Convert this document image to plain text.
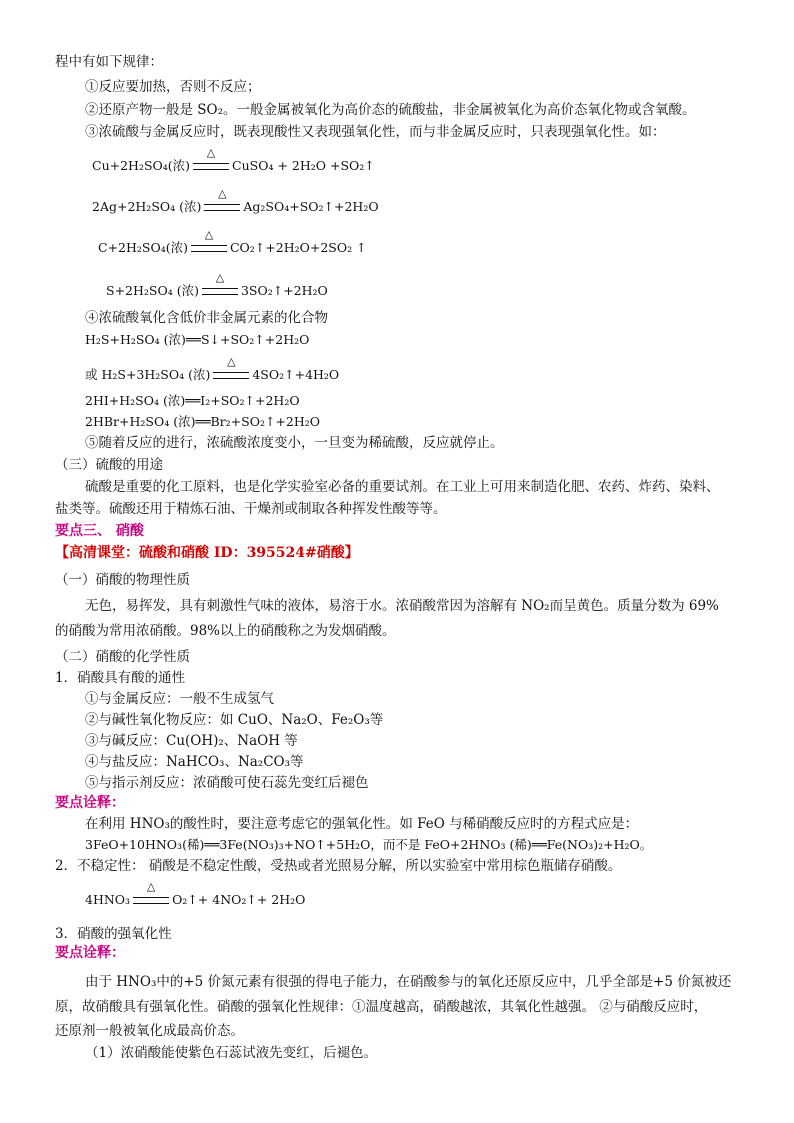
程中有如下规律：
①反应要加热，否则不反应；
②还原产物一般是 SO₂。一般金属被氧化为高价态的硫酸盐，非金属被氧化为高价态氧化物或含氧酸。
③浓硫酸与金属反应时，既表现酸性又表现强氧化性，而与非金属反应时，只表现强氧化性。如：
Cu+2H₂SO₄(浓)
△
CuSO₄ + 2H₂O +SO₂↑
2Ag+2H₂SO₄ (浓)
△
Ag₂SO₄+SO₂↑+2H₂O
C+2H₂SO₄(浓)
△
CO₂↑+2H₂O+2SO₂ ↑
S+2H₂SO₄ (浓)
△
3SO₂↑+2H₂O
④浓硫酸氧化含低价非金属元素的化合物
H₂S+H₂SO₄ (浓)══S↓+SO₂↑+2H₂O
或 H₂S+3H₂SO₄ (浓)
△
4SO₂↑+4H₂O
2HI+H₂SO₄ (浓)══I₂+SO₂↑+2H₂O
2HBr+H₂SO₄ (浓)══Br₂+SO₂↑+2H₂O
⑤随着反应的进行，浓硫酸浓度变小，一旦变为稀硫酸，反应就停止。
（三）硫酸的用途
硫酸是重要的化工原料，也是化学实验室必备的重要试剂。在工业上可用来制造化肥、农药、炸药、染料、
盐类等。硫酸还用于精炼石油、干燥剂或制取各种挥发性酸等等。
要点三、 硝酸
【高清课堂：硫酸和硝酸 ID：395524#硝酸】
（一）硝酸的物理性质
无色，易挥发，具有刺激性气味的液体，易溶于水。浓硝酸常因为溶解有 NO₂而呈黄色。质量分数为 69%
的硝酸为常用浓硝酸。98%以上的硝酸称之为发烟硝酸。
（二）硝酸的化学性质
1．硝酸具有酸的通性
①与金属反应：一般不生成氢气
②与碱性氧化物反应：如 CuO、Na₂O、Fe₂O₃等
③与碱反应：Cu(OH)₂、NaOH 等
④与盐反应：NaHCO₃、Na₂CO₃等
⑤与指示剂反应：浓硝酸可使石蕊先变红后褪色
要点诠释：
在利用 HNO₃的酸性时，要注意考虑它的强氧化性。如 FeO 与稀硝酸反应时的方程式应是：
3FeO+10HNO₃(稀)══3Fe(NO₃)₃+NO↑+5H₂O，而不是 FeO+2HNO₃ (稀)══Fe(NO₃)₂+H₂O。
2．不稳定性： 硝酸是不稳定性酸，受热或者光照易分解，所以实验室中常用棕色瓶储存硝酸。
4HNO₃
△
O₂↑+ 4NO₂↑+ 2H₂O
3．硝酸的强氧化性
要点诠释：
由于 HNO₃中的+5 价氮元素有很强的得电子能力，在硝酸参与的氧化还原反应中，几乎全部是+5 价氮被还
原，故硝酸具有强氧化性。硝酸的强氧化性规律：①温度越高，硝酸越浓，其氧化性越强。 ②与硝酸反应时，
还原剂一般被氧化成最高价态。
（1）浓硝酸能使紫色石蕊试液先变红，后褪色。
